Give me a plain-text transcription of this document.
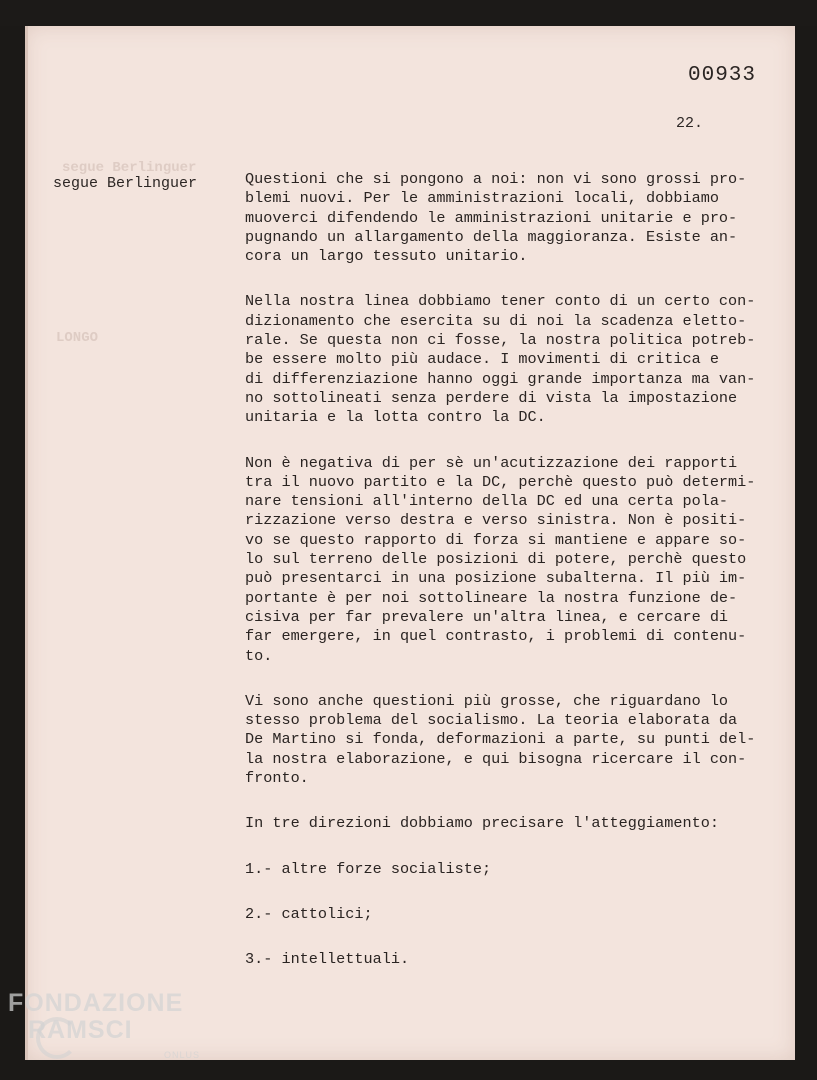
segue Berlinguer
LONGO
00933
22.
segue Berlinguer	Questioni che si pongono a noi: non vi sono grossi pro-
blemi nuovi. Per le amministrazioni locali, dobbiamo
muoverci difendendo le amministrazioni unitarie e pro-
pugnando un allargamento della maggioranza. Esiste an-
cora un largo tessuto unitario.
Nella nostra linea dobbiamo tener conto di un certo con-
dizionamento che esercita su di noi la scadenza eletto-
rale. Se questa non ci fosse, la nostra politica potreb-
be essere molto più audace. I movimenti di critica e
di differenziazione hanno oggi grande importanza ma van-
no sottolineati senza perdere di vista la impostazione
unitaria e la lotta contro la DC.
Non è negativa di per sè un'acutizzazione dei rapporti
tra il nuovo partito e la DC, perchè questo può determi-
nare tensioni all'interno della DC ed una certa pola-
rizzazione verso destra e verso sinistra. Non è positi-
vo se questo rapporto di forza si mantiene e appare so-
lo sul terreno delle posizioni di potere, perchè questo
può presentarci in una posizione subalterna. Il più im-
portante è per noi sottolineare la nostra funzione de-
cisiva per far prevalere un'altra linea, e cercare di
far emergere, in quel contrasto, i problemi di contenu-
to.
Vi sono anche questioni più grosse, che riguardano lo
stesso problema del socialismo. La teoria elaborata da
De Martino si fonda, deformazioni a parte, su punti del-
la nostra elaborazione, e qui bisogna ricercare il con-
fronto.
In tre direzioni dobbiamo precisare l'atteggiamento:
1.- altre forze socialiste;
2.- cattolici;
3.- intellettuali.
FONDAZIONE
RAMSCI
ONLUS
